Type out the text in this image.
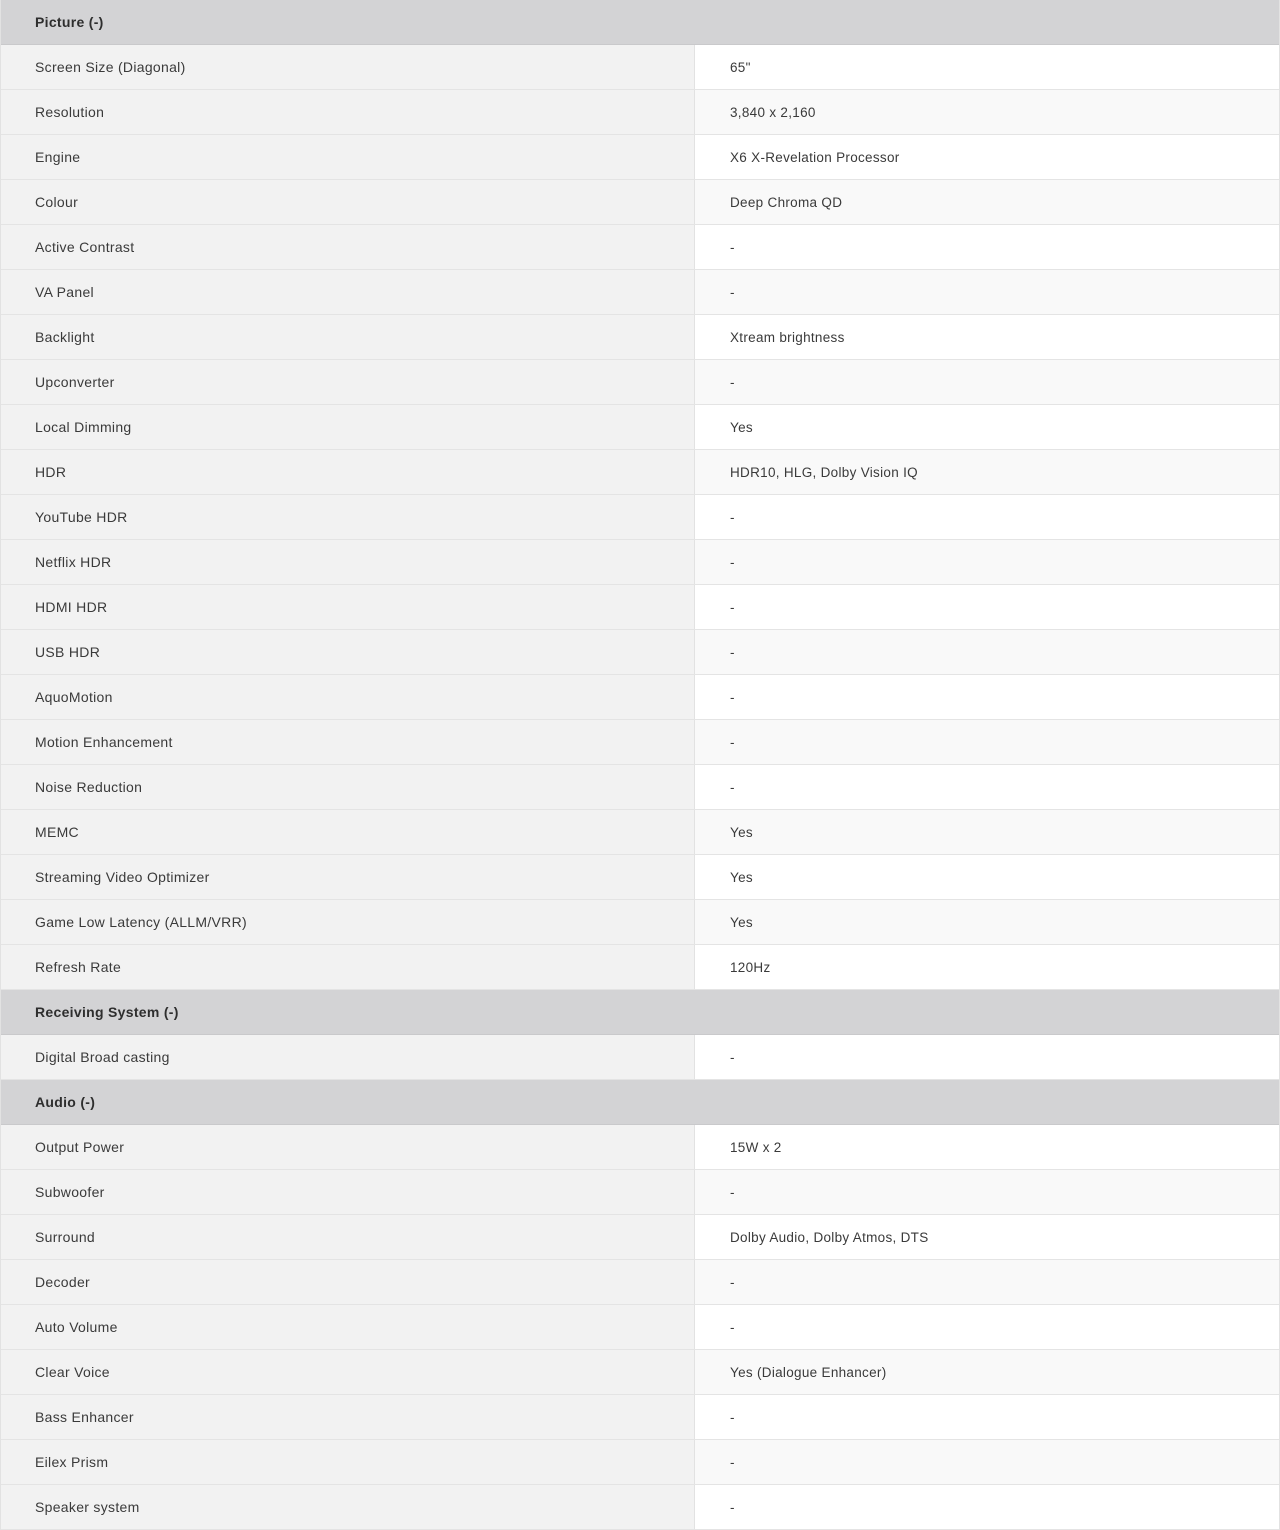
Picture (-)
Screen Size (Diagonal)	65"
Resolution	3,840 x 2,160
Engine	X6 X-Revelation Processor
Colour	Deep Chroma QD
Active Contrast	-
VA Panel	-
Backlight	Xtream brightness
Upconverter	-
Local Dimming	Yes
HDR	HDR10, HLG, Dolby Vision IQ
YouTube HDR	-
Netflix HDR	-
HDMI HDR	-
USB HDR	-
AquoMotion	-
Motion Enhancement	-
Noise Reduction	-
MEMC	Yes
Streaming Video Optimizer	Yes
Game Low Latency (ALLM/VRR)	Yes
Refresh Rate	120Hz
Receiving System (-)
Digital Broad casting	-
Audio (-)
Output Power	15W x 2
Subwoofer	-
Surround	Dolby Audio, Dolby Atmos, DTS
Decoder	-
Auto Volume	-
Clear Voice	Yes (Dialogue Enhancer)
Bass Enhancer	-
Eilex Prism	-
Speaker system	-
